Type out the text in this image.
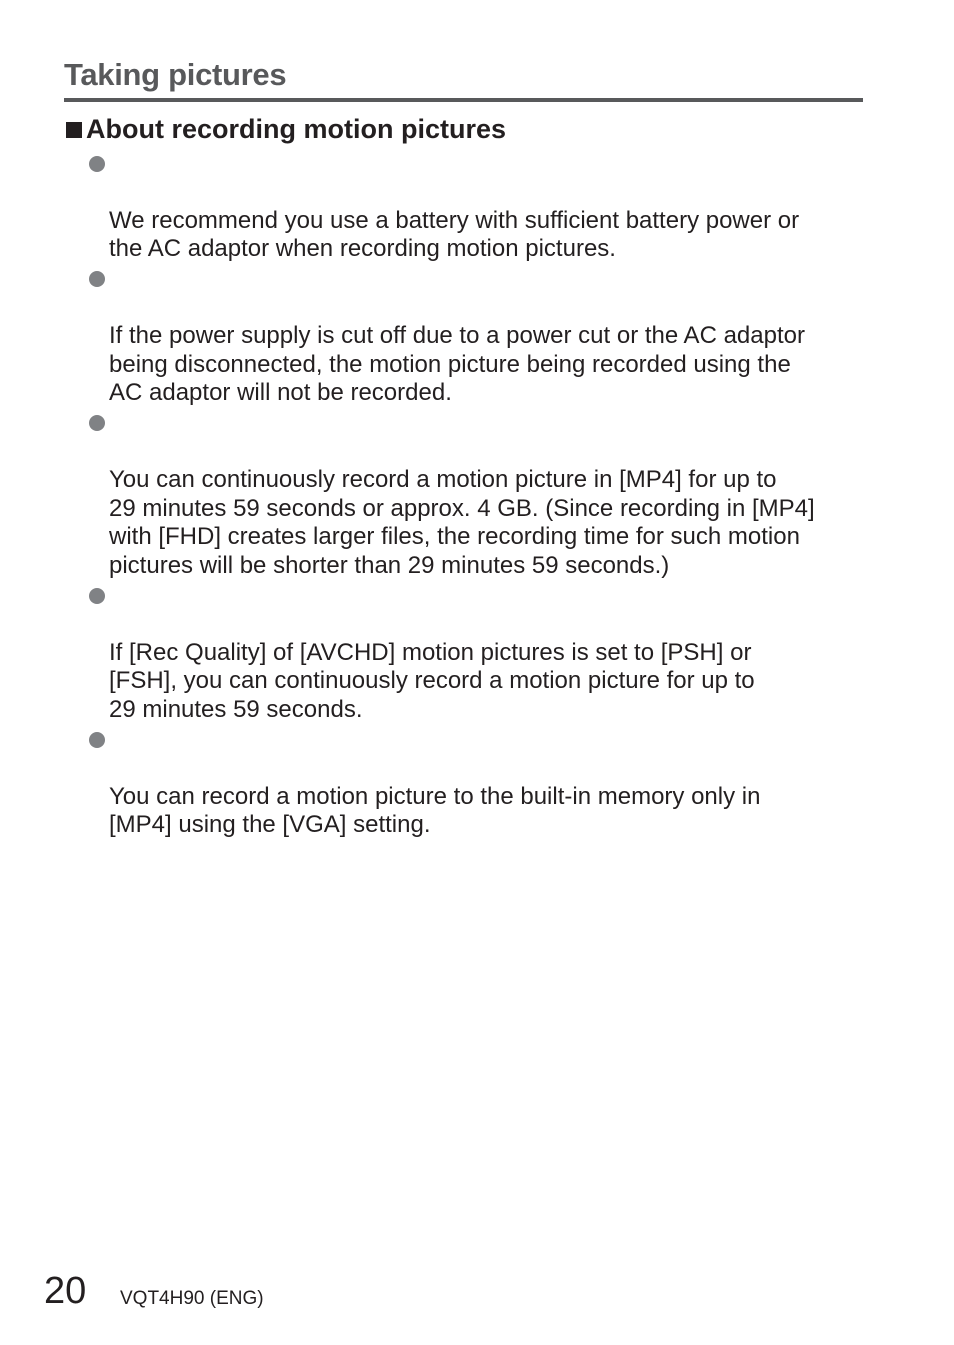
Taking pictures
About recording motion pictures

We recommend you use a battery with sufficient battery power or
the AC adaptor when recording motion pictures.

If the power supply is cut off due to a power cut or the AC adaptor
being disconnected, the motion picture being recorded using the
AC adaptor will not be recorded.

You can continuously record a motion picture in [MP4] for up to
29 minutes 59 seconds or approx. 4 GB. (Since recording in [MP4]
with [FHD] creates larger files, the recording time for such motion
pictures will be shorter than 29 minutes 59 seconds.)

If [Rec Quality] of [AVCHD] motion pictures is set to [PSH] or
[FSH], you can continuously record a motion picture for up to
29 minutes 59 seconds.

You can record a motion picture to the built-in memory only in
[MP4] using the [VGA] setting.

20 VQT4H90 (ENG)
